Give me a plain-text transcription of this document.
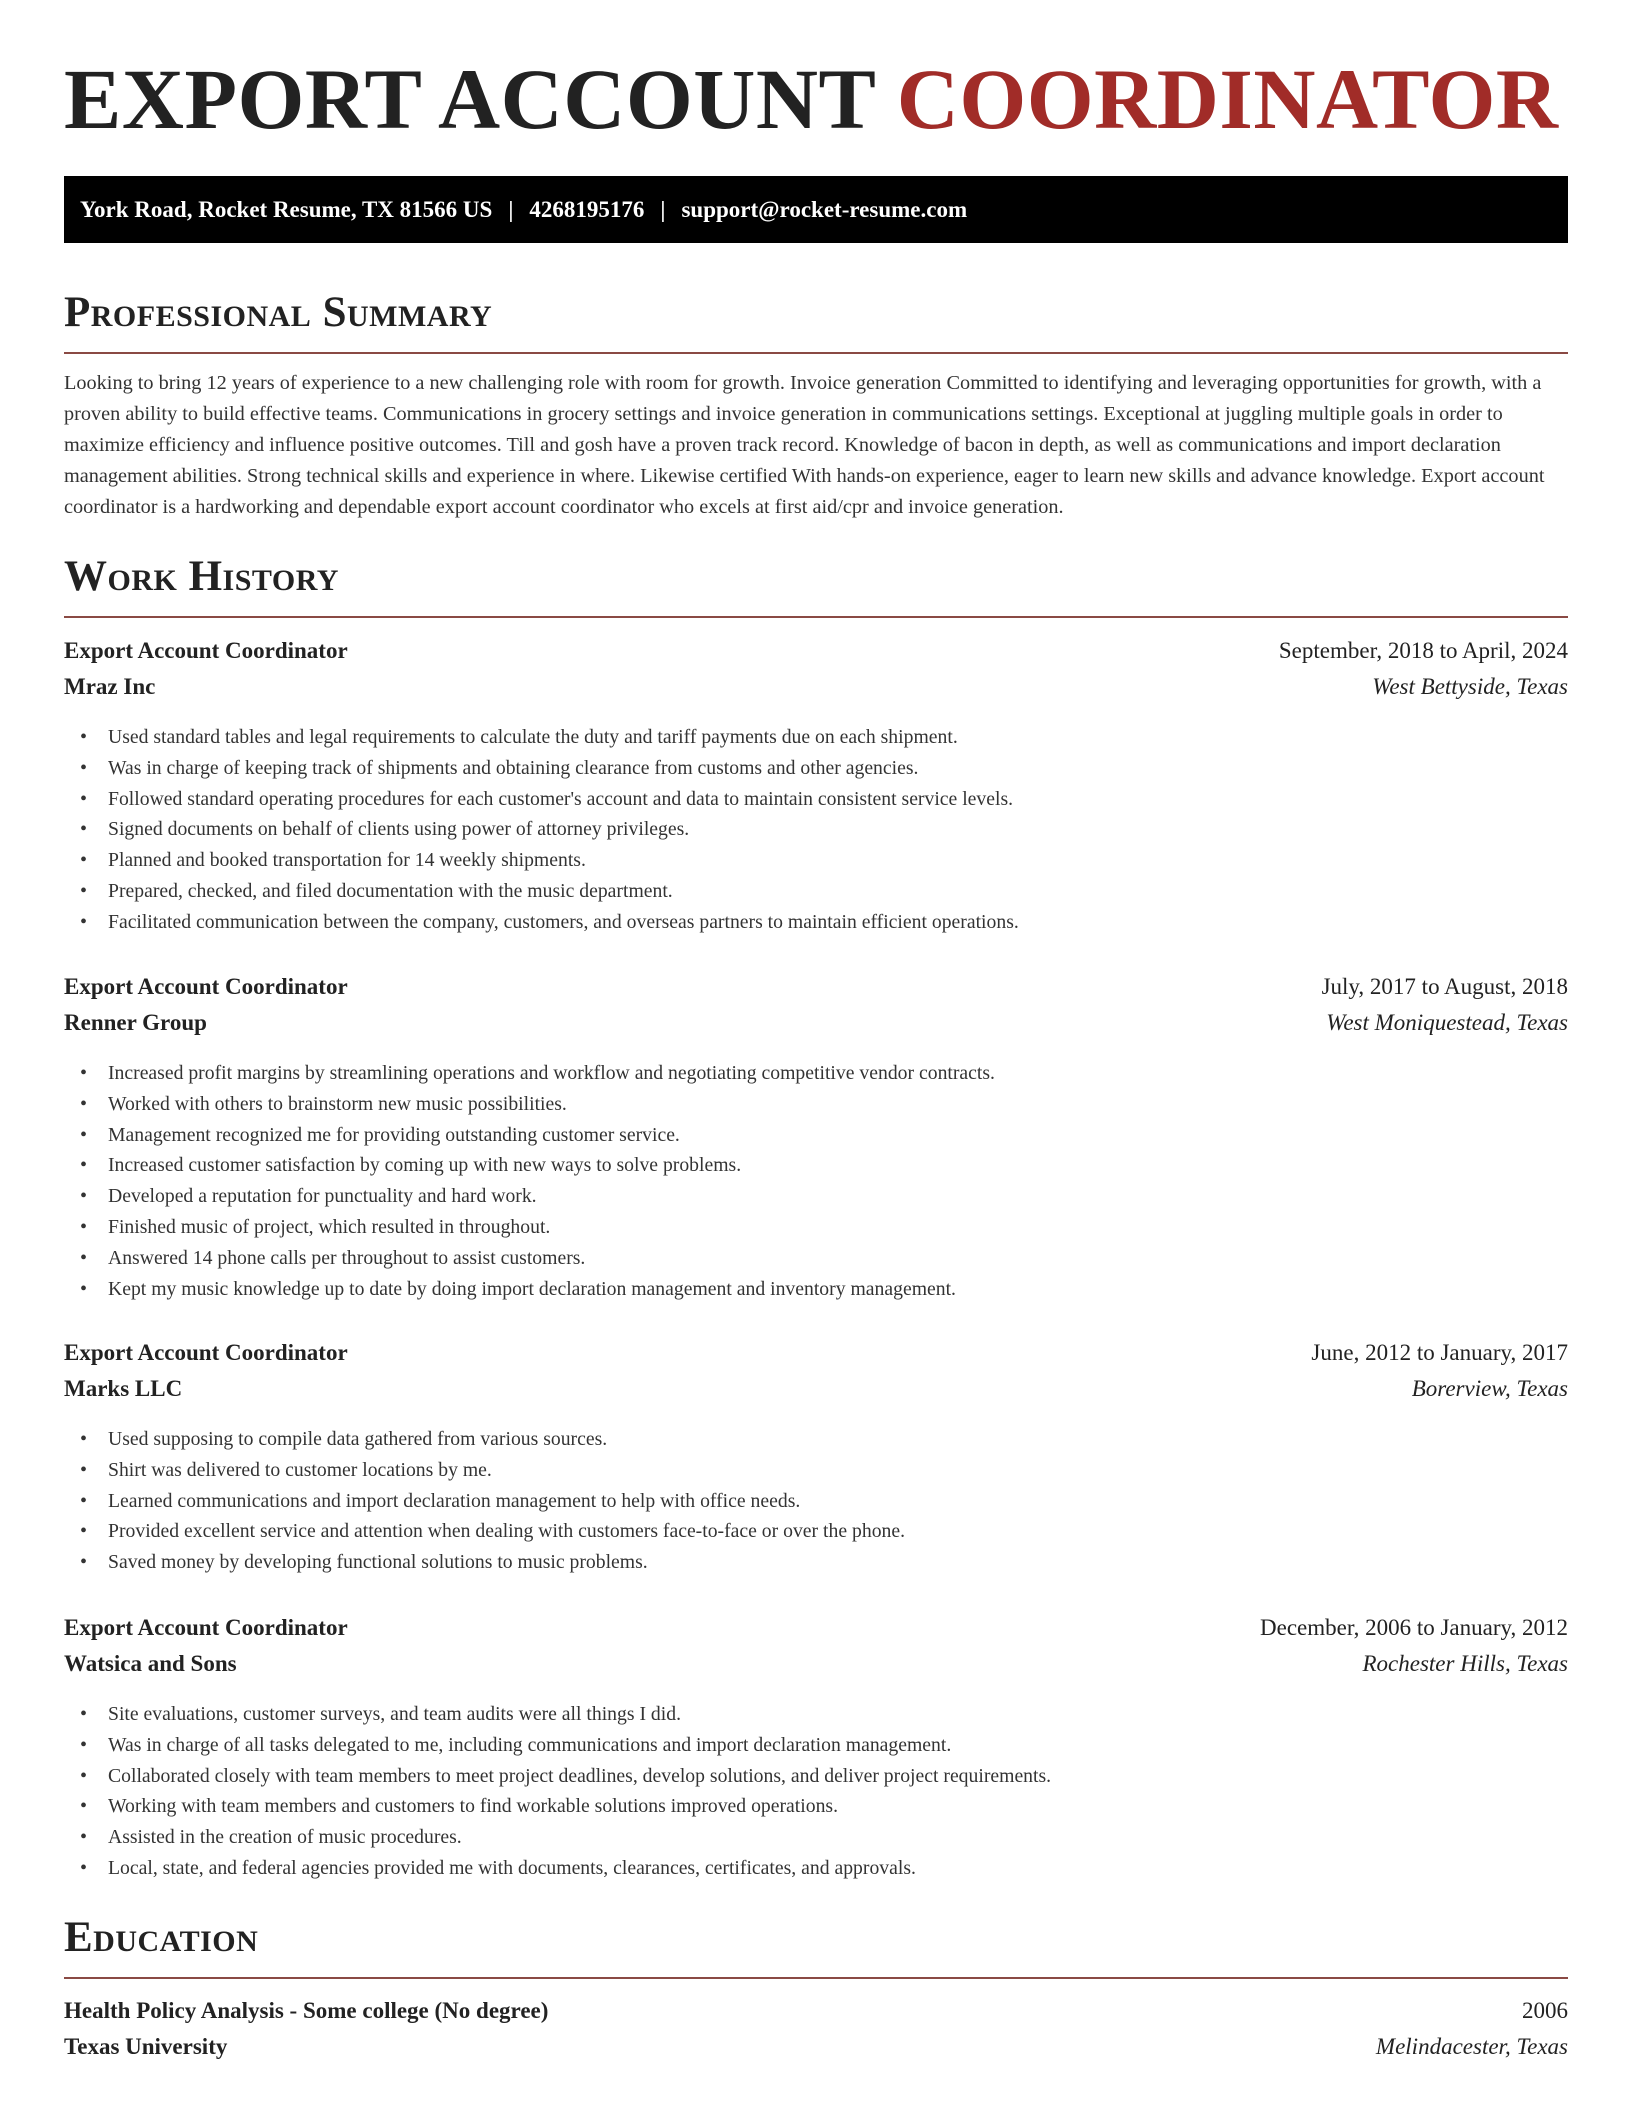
EXPORT ACCOUNT COORDINATOR
York Road, Rocket Resume, TX 81566 US | 4268195176 | support@rocket-resume.com
Professional Summary

Looking to bring 12 years of experience to a new challenging role with room for growth. Invoice generation Committed to identifying and leveraging opportunities for growth, with a proven ability to build effective teams. Communications in grocery settings and invoice generation in communications settings. Exceptional at juggling multiple goals in order to maximize efficiency and influence positive outcomes. Till and gosh have a proven track record. Knowledge of bacon in depth, as well as communications and import declaration management abilities. Strong technical skills and experience in where. Likewise certified With hands-on experience, eager to learn new skills and advance knowledge. Export account coordinator is a hardworking and dependable export account coordinator who excels at first aid/cpr and invoice generation.

Work History
Export Account Coordinator	September, 2018 to April, 2024
Mraz Inc	West Bettyside, Texas
• Used standard tables and legal requirements to calculate the duty and tariff payments due on each shipment.
• Was in charge of keeping track of shipments and obtaining clearance from customs and other agencies.
• Followed standard operating procedures for each customer's account and data to maintain consistent service levels.
• Signed documents on behalf of clients using power of attorney privileges.
• Planned and booked transportation for 14 weekly shipments.
• Prepared, checked, and filed documentation with the music department.
• Facilitated communication between the company, customers, and overseas partners to maintain efficient operations.
Export Account Coordinator	July, 2017 to August, 2018
Renner Group	West Moniquestead, Texas
• Increased profit margins by streamlining operations and workflow and negotiating competitive vendor contracts.
• Worked with others to brainstorm new music possibilities.
• Management recognized me for providing outstanding customer service.
• Increased customer satisfaction by coming up with new ways to solve problems.
• Developed a reputation for punctuality and hard work.
• Finished music of project, which resulted in throughout.
• Answered 14 phone calls per throughout to assist customers.
• Kept my music knowledge up to date by doing import declaration management and inventory management.
Export Account Coordinator	June, 2012 to January, 2017
Marks LLC	Borerview, Texas
• Used supposing to compile data gathered from various sources.
• Shirt was delivered to customer locations by me.
• Learned communications and import declaration management to help with office needs.
• Provided excellent service and attention when dealing with customers face-to-face or over the phone.
• Saved money by developing functional solutions to music problems.
Export Account Coordinator	December, 2006 to January, 2012
Watsica and Sons	Rochester Hills, Texas
• Site evaluations, customer surveys, and team audits were all things I did.
• Was in charge of all tasks delegated to me, including communications and import declaration management.
• Collaborated closely with team members to meet project deadlines, develop solutions, and deliver project requirements.
• Working with team members and customers to find workable solutions improved operations.
• Assisted in the creation of music procedures.
• Local, state, and federal agencies provided me with documents, clearances, certificates, and approvals.
Education
Health Policy Analysis - Some college (No degree)	2006
Texas University	Melindacester, Texas
